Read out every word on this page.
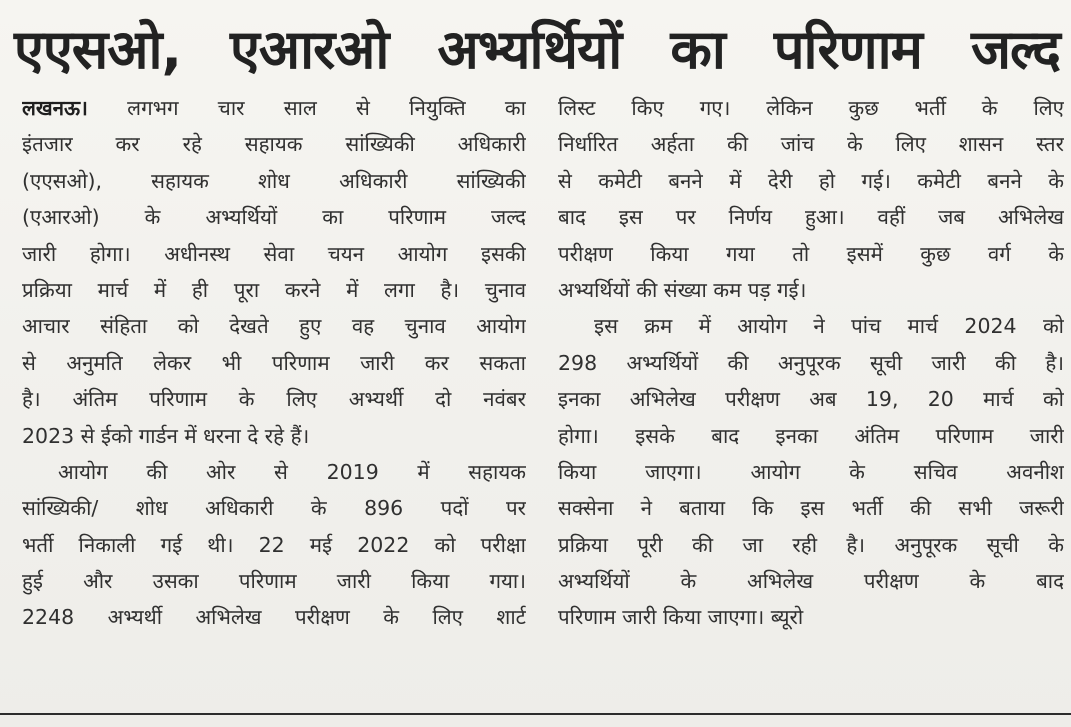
एएसओ, एआरओ अभ्यर्थियों का परिणाम जल्द
लखनऊ। लगभग चार साल से नियुक्ति का
इंतजार कर रहे सहायक सांख्यिकी अधिकारी
(एएसओ), सहायक शोध अधिकारी सांख्यिकी
(एआरओ) के अभ्यर्थियों का परिणाम जल्द
जारी होगा। अधीनस्थ सेवा चयन आयोग इसकी
प्रक्रिया मार्च में ही पूरा करने में लगा है। चुनाव
आचार संहिता को देखते हुए वह चुनाव आयोग
से अनुमति लेकर भी परिणाम जारी कर सकता
है। अंतिम परिणाम के लिए अभ्यर्थी दो नवंबर
2023 से ईको गार्डन में धरना दे रहे हैं।
आयोग की ओर से 2019 में सहायक
सांख्यिकी/ शोध अधिकारी के 896 पदों पर
भर्ती निकाली गई थी। 22 मई 2022 को परीक्षा
हुई और उसका परिणाम जारी किया गया।
2248 अभ्यर्थी अभिलेख परीक्षण के लिए शार्ट
लिस्ट किए गए। लेकिन कुछ भर्ती के लिए
निर्धारित अर्हता की जांच के लिए शासन स्तर
से कमेटी बनने में देरी हो गई। कमेटी बनने के
बाद इस पर निर्णय हुआ। वहीं जब अभिलेख
परीक्षण किया गया तो इसमें कुछ वर्ग के
अभ्यर्थियों की संख्या कम पड़ गई।
इस क्रम में आयोग ने पांच मार्च 2024 को
298 अभ्यर्थियों की अनुपूरक सूची जारी की है।
इनका अभिलेख परीक्षण अब 19, 20 मार्च को
होगा। इसके बाद इनका अंतिम परिणाम जारी
किया जाएगा। आयोग के सचिव अवनीश
सक्सेना ने बताया कि इस भर्ती की सभी जरूरी
प्रक्रिया पूरी की जा रही है। अनुपूरक सूची के
अभ्यर्थियों के अभिलेख परीक्षण के बाद
परिणाम जारी किया जाएगा। ब्यूरो
